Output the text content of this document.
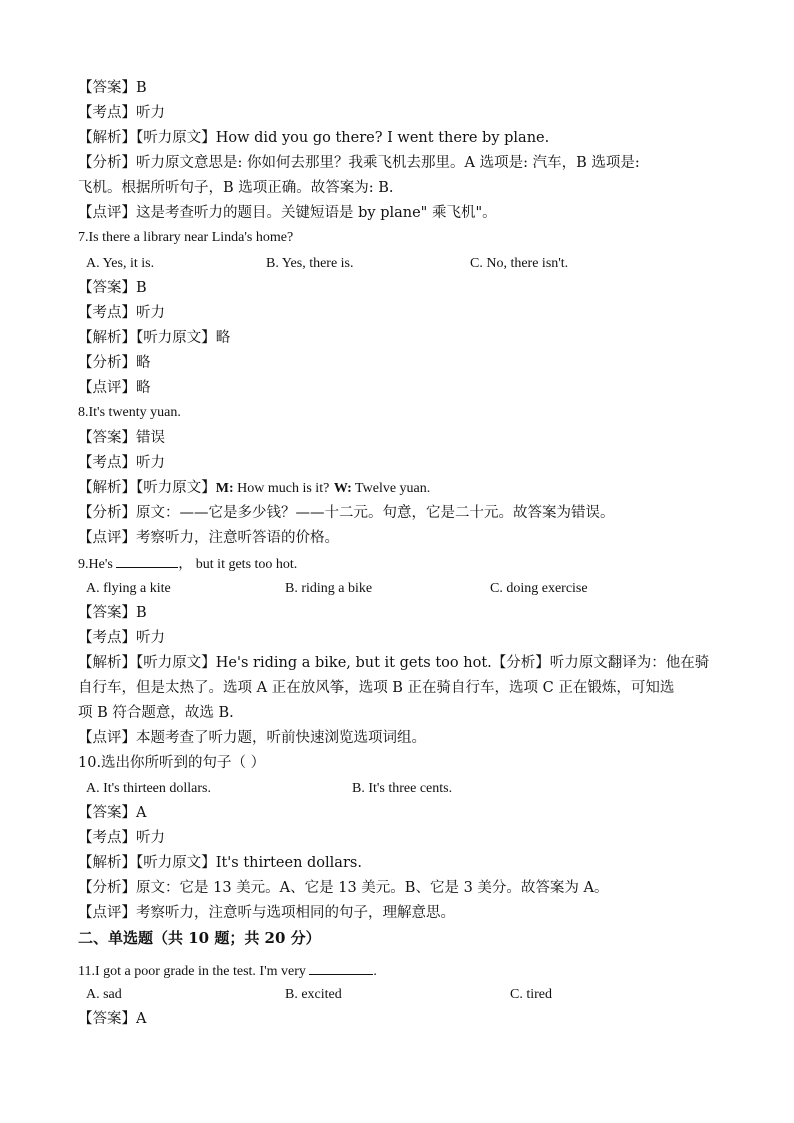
【答案】B
【考点】听力
【解析】【听力原文】How did you go there? I went there by plane.
【分析】听力原文意思是: 你如何去那里？我乘飞机去那里。A 选项是: 汽车，B 选项是:
飞机。根据所听句子，B 选项正确。故答案为: B.
【点评】这是考查听力的题目。关键短语是 by plane" 乘飞机"。
7.Is there a library near Linda's home?
A. Yes, it is.	B. Yes, there is.	C. No, there isn't.
【答案】B
【考点】听力
【解析】【听力原文】略
【分析】略
【点评】略
8.It's twenty yuan.
【答案】错误
【考点】听力
【解析】【听力原文】M: How much is it? W: Twelve yuan.
【分析】原文：——它是多少钱？——十二元。句意，它是二十元。故答案为错误。
【点评】考察听力，注意听答语的价格。
9.He's	， but it gets too hot.
A. flying a kite	B. riding a bike	C. doing exercise
【答案】B
【考点】听力
【解析】【听力原文】He's riding a bike, but it gets too hot.【分析】听力原文翻译为：他在骑
自行车，但是太热了。选项 A 正在放风筝，选项 B 正在骑自行车，选项 C 正在锻炼，可知选
项 B 符合题意，故选 B.
【点评】本题考查了听力题，听前快速浏览选项词组。
10.选出你所听到的句子（ ）
A. It's thirteen dollars.	B. It's three cents.
【答案】A
【考点】听力
【解析】【听力原文】It's thirteen dollars.
【分析】原文：它是 13 美元。A、它是 13 美元。B、它是 3 美分。故答案为 A。
【点评】考察听力，注意听与选项相同的句子，理解意思。
二、单选题（共 10 题；共 20 分）
11.I got a poor grade in the test. I'm very	.
A. sad	B. excited	C. tired
【答案】A
